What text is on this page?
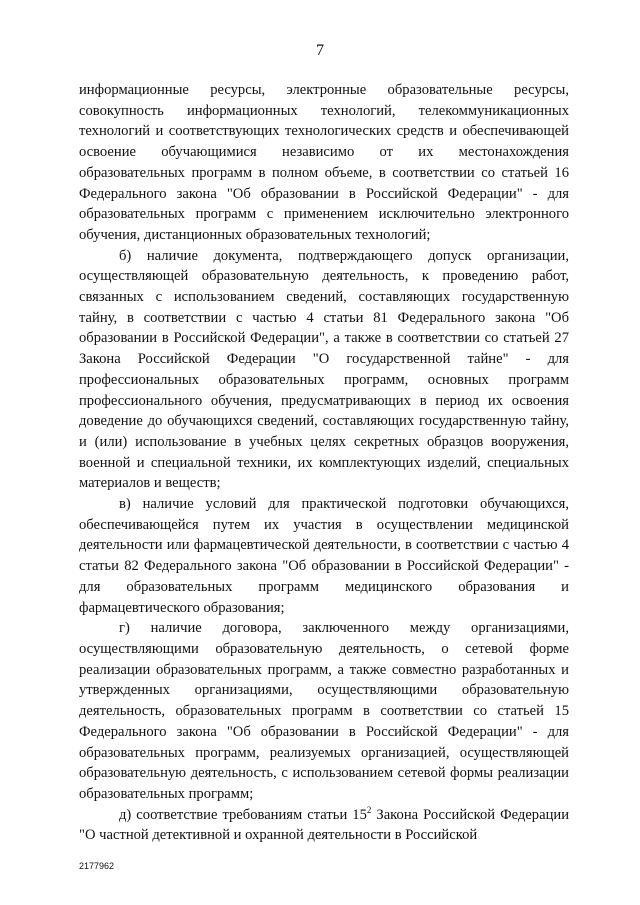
7

информационные ресурсы, электронные образовательные ресурсы, совокупность информационных технологий, телекоммуникационных технологий и соответствующих технологических средств и обеспечивающей освоение обучающимися независимо от их местонахождения образовательных программ в полном объеме, в соответствии со статьей 16 Федерального закона "Об образовании в Российской Федерации" - для образовательных программ с применением исключительно электронного обучения, дистанционных образовательных технологий;

б) наличие документа, подтверждающего допуск организации, осуществляющей образовательную деятельность, к проведению работ, связанных с использованием сведений, составляющих государственную тайну, в соответствии с частью 4 статьи 81 Федерального закона "Об образовании в Российской Федерации", а также в соответствии со статьей 27 Закона Российской Федерации "О государственной тайне" - для профессиональных образовательных программ, основных программ профессионального обучения, предусматривающих в период их освоения доведение до обучающихся сведений, составляющих государственную тайну, и (или) использование в учебных целях секретных образцов вооружения, военной и специальной техники, их комплектующих изделий, специальных материалов и веществ;

в) наличие условий для практической подготовки обучающихся, обеспечивающейся путем их участия в осуществлении медицинской деятельности или фармацевтической деятельности, в соответствии с частью 4 статьи 82 Федерального закона "Об образовании в Российской Федерации" - для образовательных программ медицинского образования и фармацевтического образования;

г) наличие договора, заключенного между организациями, осуществляющими образовательную деятельность, о сетевой форме реализации образовательных программ, а также совместно разработанных и утвержденных организациями, осуществляющими образовательную деятельность, образовательных программ в соответствии со статьей 15 Федерального закона "Об образовании в Российской Федерации" - для образовательных программ, реализуемых организацией, осуществляющей образовательную деятельность, с использованием сетевой формы реализации образовательных программ;

д) соответствие требованиям статьи $15^2$ Закона Российской Федерации "О частной детективной и охранной деятельности в Российской

2177962
